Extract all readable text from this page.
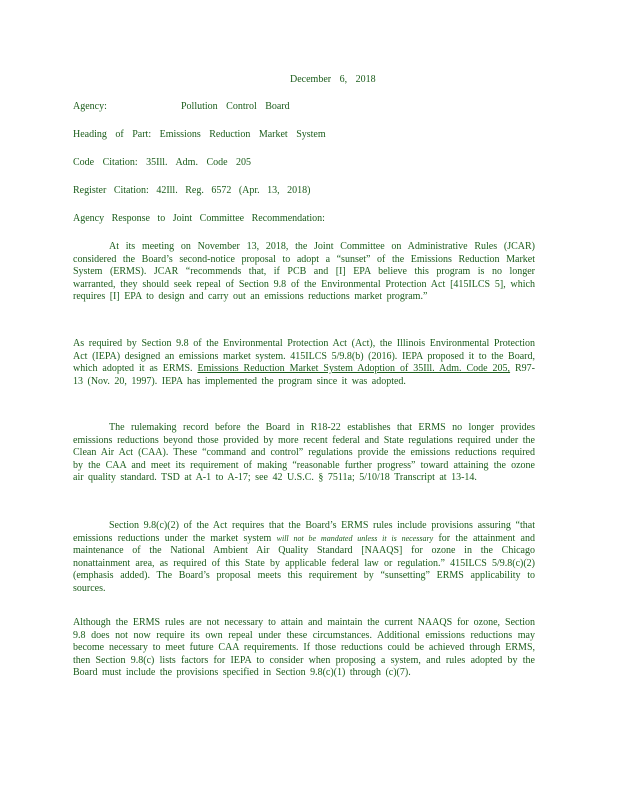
December 6, 2018
Agency:	Pollution Control Board
Heading of Part: Emissions Reduction Market System
Code Citation: 35Ill. Adm. Code 205
Register Citation: 42Ill. Reg. 6572 (Apr. 13, 2018)
Agency Response to Joint Committee Recommendation:

At its meeting on November 13, 2018, the Joint Committee on Administrative Rules (JCAR) considered the Board’s second-notice proposal to adopt a “sunset” of the Emissions Reduction Market System (ERMS). JCAR “recommends that, if PCB and [I] EPA believe this program is no longer warranted, they should seek repeal of Section 9.8 of the Environmental Protection Act [415ILCS 5], which requires [I] EPA to design and carry out an emissions reductions market program.”

As required by Section 9.8 of the Environmental Protection Act (Act), the Illinois Environmental Protection Act (IEPA) designed an emissions market system. 415ILCS 5/9.8(b) (2016). IEPA proposed it to the Board, which adopted it as ERMS. Emissions Reduction Market System Adoption of 35Ill. Adm. Code 205, R97-13 (Nov. 20, 1997). IEPA has implemented the program since it was adopted.

The rulemaking record before the Board in R18-22 establishes that ERMS no longer provides emissions reductions beyond those provided by more recent federal and State regulations required under the Clean Air Act (CAA). These “command and control” regulations provide the emissions reductions required by the CAA and meet its requirement of making “reasonable further progress” toward attaining the ozone air quality standard. TSD at A-1 to A-17; see 42 U.S.C. § 7511a; 5/10/18 Transcript at 13-14.

Section 9.8(c)(2) of the Act requires that the Board’s ERMS rules include provisions assuring “that emissions reductions under the market system will not be mandated unless it is necessary for the attainment and maintenance of the National Ambient Air Quality Standard [NAAQS] for ozone in the Chicago nonattainment area, as required of this State by applicable federal law or regulation.” 415ILCS 5/9.8(c)(2) (emphasis added). The Board’s proposal meets this requirement by “sunsetting” ERMS applicability to sources.

Although the ERMS rules are not necessary to attain and maintain the current NAAQS for ozone, Section 9.8 does not now require its own repeal under these circumstances. Additional emissions reductions may become necessary to meet future CAA requirements. If those reductions could be achieved through ERMS, then Section 9.8(c) lists factors for IEPA to consider when proposing a system, and rules adopted by the Board must include the provisions specified in Section 9.8(c)(1) through (c)(7).
